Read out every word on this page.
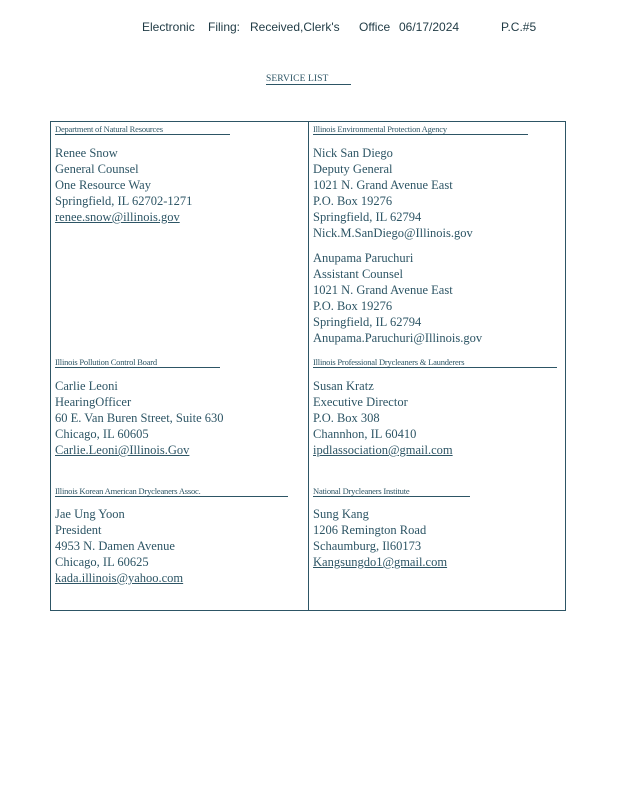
Electronic Filing: Received,Clerk's Office 06/17/2024	P.C.#5
SERVICE LIST
Department of Natural Resources
Renee Snow
General Counsel
One Resource Way
Springfield, IL 62702-1271
renee.snow@illinois.gov
Illinois Environmental Protection Agency
Nick San Diego
Deputy General
1021 N. Grand Avenue East
P.O. Box 19276
Springfield, IL 62794
Nick.M.SanDiego@Illinois.gov
Anupama Paruchuri
Assistant Counsel
1021 N. Grand Avenue East
P.O. Box 19276
Springfield, IL 62794
Anupama.Paruchuri@Illinois.gov
Illinois Pollution Control Board
Carlie Leoni
HearingOfficer
60 E. Van Buren Street, Suite 630
Chicago, IL 60605
Carlie.Leoni@Illinois.Gov
Illinois Professional Drycleaners & Launderers
Susan Kratz
Executive Director
P.O. Box 308
Channhon, IL 60410
ipdlassociation@gmail.com
Illinois Korean American Drycleaners Assoc.
Jae Ung Yoon
President
4953 N. Damen Avenue
Chicago, IL 60625
kada.illinois@yahoo.com
National Drycleaners Institute
Sung Kang
1206 Remington Road
Schaumburg, Il60173
Kangsungdo1@gmail.com
